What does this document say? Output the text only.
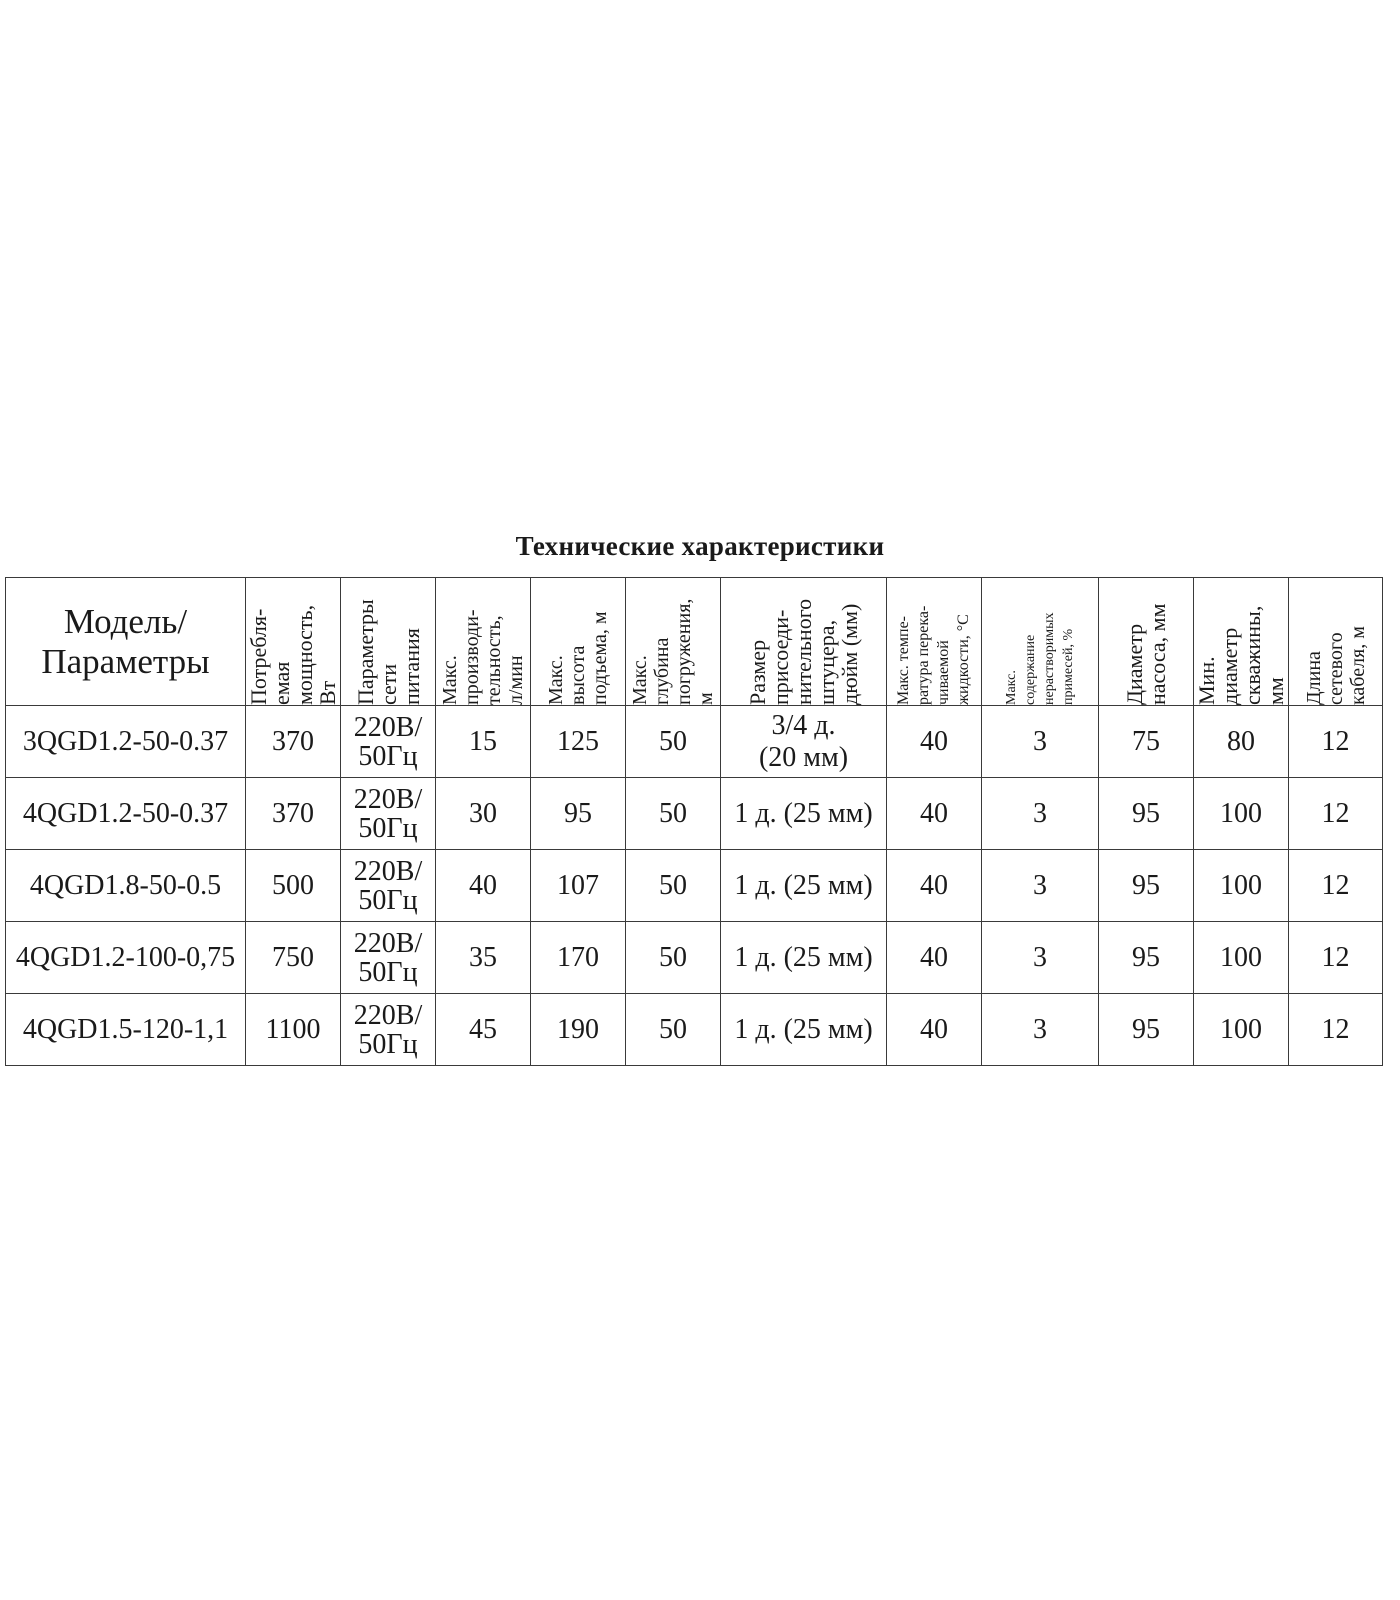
Технические характеристики
Модель/
Параметры	Потребля-
емая
мощность,
Вт	Параметры
сети
питания	Макс.
производи-
тельность,
л/мин	Макс.
высота
подъема, м	Макс.
глубина
погружения,
м	Размер
присоеди-
нительного
штуцера,
дюйм (мм)	Макс. темпе-
ратура перека-
чиваемой
жидкости, °С	Макс.
содержание
нерастворимых
примесей, %	Диаметр
насоса, мм	Мин.
диаметр
скважины,
мм	Длина
сетевого
кабеля, м

3QGD1.2-50-0.37	370	220В/
50Гц	15	125	50	3/4 д.
(20 мм)	40	3	75	80	12
4QGD1.2-50-0.37	370	220В/
50Гц	30	95	50	1 д. (25 мм)	40	3	95	100	12
4QGD1.8-50-0.5	500	220В/
50Гц	40	107	50	1 д. (25 мм)	40	3	95	100	12
4QGD1.2-100-0,75	750	220В/
50Гц	35	170	50	1 д. (25 мм)	40	3	95	100	12
4QGD1.5-120-1,1	1100	220В/
50Гц	45	190	50	1 д. (25 мм)	40	3	95	100	12
